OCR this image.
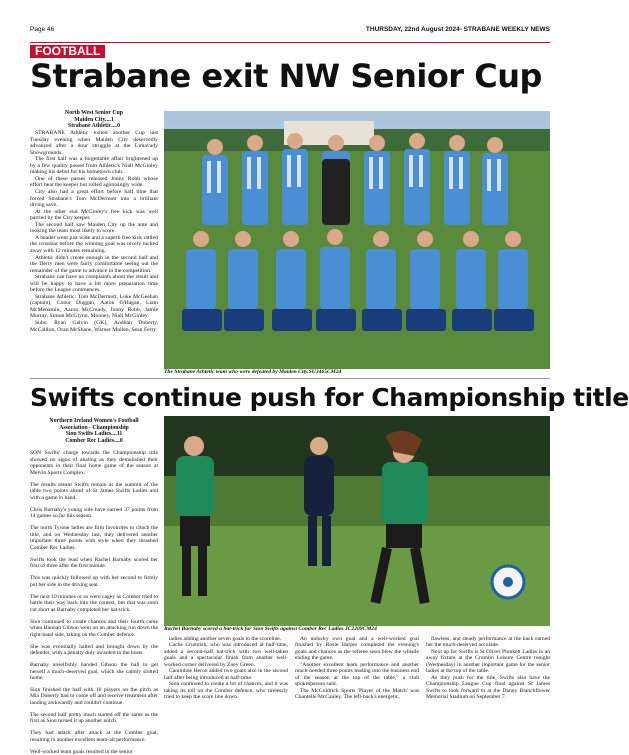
Page 46	THURSDAY, 22nd August 2024- STRABANE WEEKLY NEWS
FOOTBALL
Strabane exit NW Senior Cup
North West Senior Cup
Maiden City....1
Strabane Athletic....0

STRABANE Athletic exited another Cup last Tuesday evening when Maiden City deservedly advanced after a dour struggle at the Limavady Showgrounds.

The first half was a forgettable affair brightened up by a few quality passes from Athletic's Niall McGinley making his debut for his hometown club.

One of these passes released Jonny Robb whose effort beat the keeper but rolled agonisingly wide.

City also had a great effort before half time that forced Strabane's Tom McDermott into a brilliant diving save.

At the other end McGinley's free kick was well parried by the City keeper.

The second half saw Maiden City up the ante and looking the team most likely to score.

A header went just wide and a superb free kick rattled the crossbar before the winning goal was nicely tucked away with 12 minutes remaining.

Athletic didn't create enough in the second half and the Derry men were fairly comfortable seeing out the remainder of the game to advance in the competition.

Strabane can have no complaints about the result and will be happy to have a bit more preparation time before the League commences.

Strabane Athletic: Tom McDermott, Luke McGeehan (captain), Conor Duggan, Aaron O'Hagan, Liam McMenamin, Aaron McCready, Jonny Robb, Jamie Murray, Simon McGlynn, Mooney, Niall McGinley.

Subs: Ryan Galvin (GK), Aodhan Doherty, McCallion, Oran McShane, Warner Mullen, Sean Ferry

The Strabane Athletic team who were defeated by Maiden City.SU3465CM24
Swifts continue push for Championship title
Northern Ireland Women's Football
Association - Championship
Sion Swifts Ladies....11
Comber Rec Ladies....0

SON Swifts' charge towards the Championship title showed no signs of abating as they demolished their opponents in their final home game of the season at Melvin Sports Complex.

The results meant Swifts remain at the summit of the table two points ahead of St James Swifts Ladies and with a game in hand.

Chris Barnaby's young side have earned 37 points from 14 games so far this season.

The north Tyrone ladies are firm favourites to clinch the title, and on Wednesday last, they delivered another important three points with style when they thrashed Comber Rec Ladies.

Swifts took the lead when Rachel Barnaby scored her first of three after the first minute.

This was quickly followed up with her second to firmly put her side in the driving seat.

The next 10 minutes or so were cagey as Comber tried to battle their way back into the contest, but that was soon cut short as Barnaby completed her hat-trick.

Sion continued to create chances and their fourth came when Hannah Gibson went on an attacking run down the right-hand side, taking on the Comber defence.

She was eventually halted and brought down by the defender, with a penalty duly awarded to the hosts.

Barnaby unselfishly handed Gibson the ball to get herself a much-deserved goal, which she calmly slotted home.

Sion finished the half with 10 players on the pitch as Mia Doherty had to come off and receive treatment after landing awkwardly and couldn't continue.

The second half pretty much started off the same as the first as Sion turned it up another notch.

They had attack after attack at the Comber goal, resulting in another excellent team-all performance.

Well-worked team goals resulted in the senior

Rachel Barnaby scored a hat-trick for Sion Swifts against Comber Rec Ladies.JC2209CM24

ladies adding another seven goals to the scoreline.

Cache Crumlish, who was introduced at half-time, added a second-half hat-trick with two well-taken goals and a spectacular finish from another well-worked corner delivered by Zoey Green.

Caoimhne Heron added two goals also in the second half after being introduced at half-time.

Sion continued to create a lot of chances, and it was taking its toll on the Comber defence, who tirelessly tried to keep the score line down.

An unlucky own goal and a well-worked goal finished by Rosie Harper completed the evening's goals and chances as the referee soon blew the whistle ending the game.

"Another excellent team performance and another much-needed three points leading into the business end of the season at the top of the table," a club spokesperson said.

The McGoldrick Sports 'Player of the Match' was Chantelle McCauley. The left-back's energetic,

flawless, and steady performance at the back earned her the much-deserved accolade.

Next up for Swifts is St Oliver Plunkett Ladies in an away fixture at the Crumlin Leisure Centre tonight (Wednesday) in another important game for the senior ladies at the top of the table.

As they push for the title, Swifts also have the Championship League Cup final against St James Swifts to look forward to at the Danny Blanchflower Memorial Stadium on September 7.
